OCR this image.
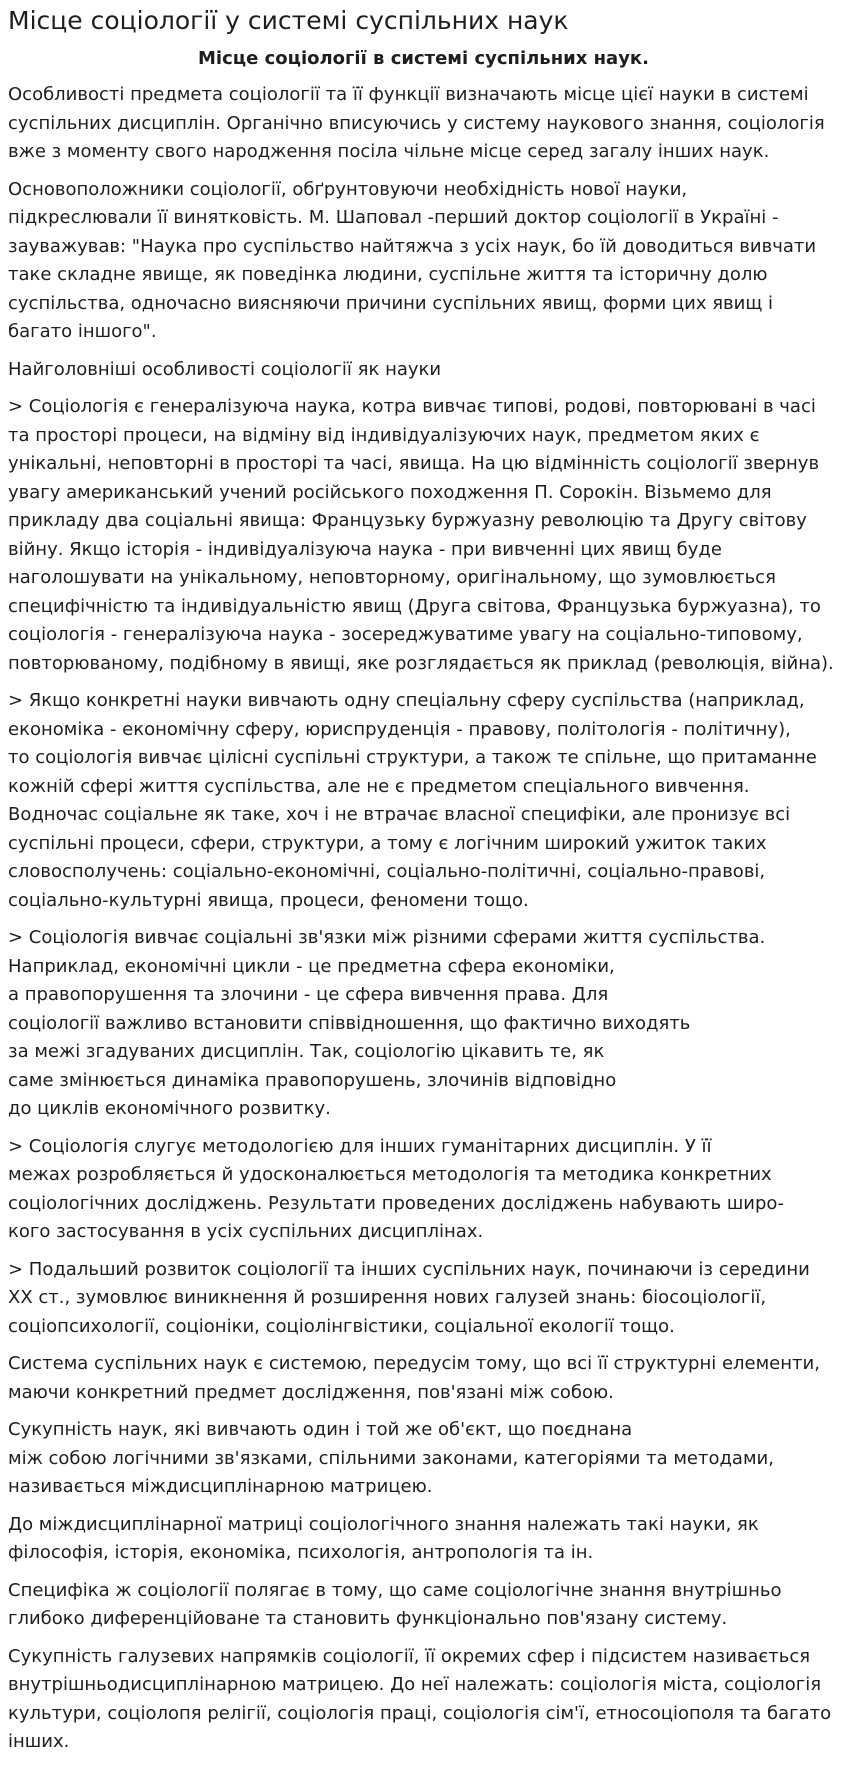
Місце соціології у системі суспільних наук
Місце соціології в системі суспільних наук.

Особливості предмета соціології та її функції визначають місце цієї науки в системі
суспільних дисциплін. Органічно вписуючись у систему наукового знання, соціологія
вже з моменту свого народження посіла чільне місце серед загалу інших наук.

Основоположники соціології, обґрунтовуючи необхідність нової науки,
підкреслювали її винятковість. М. Шаповал -перший доктор соціології в Україні -
зауважував: "Наука про суспільство найтяжча з усіх наук, бо їй доводиться вивчати
таке складне явище, як поведінка людини, суспільне життя та історичну долю
суспільства, одночасно виясняючи причини суспільних явищ, форми цих явищ і
багато іншого".

Найголовніші особливості соціології як науки

> Соціологія є генералізуюча наука, котра вивчає типові, родові, повторювані в часі
та просторі процеси, на відміну від індивідуалізуючих наук, предметом яких є
унікальні, неповторні в просторі та часі, явища. На цю відмінність соціології звернув
увагу американський учений російського походження П. Сорокін. Візьмемо для
прикладу два соціальні явища: Французьку буржуазну революцію та Другу світову
війну. Якщо історія - індивідуалізуюча наука - при вивченні цих явищ буде
наголошувати на унікальному, неповторному, оригінальному, що зумовлюється
специфічністю та індивідуальністю явищ (Друга світова, Французька буржуазна), то
соціологія - генералізуюча наука - зосереджуватиме увагу на соціально-типовому,
повторюваному, подібному в явищі, яке розглядається як приклад (революція, війна).

> Якщо конкретні науки вивчають одну спеціальну сферу суспільства (наприклад,
економіка - економічну сферу, юриспруденція - правову, політологія - політичну),
то соціологія вивчає цілісні суспільні структури, а також те спільне, що притаманне
кожній сфері життя суспільства, але не є предметом спеціального вивчення.
Водночас соціальне як таке, хоч і не втрачає власної специфіки, але пронизує всі
суспільні процеси, сфери, структури, а тому є логічним широкий ужиток таких
словосполучень: соціально-економічні, соціально-політичні, соціально-правові,
соціально-культурні явища, процеси, феномени тощо.

> Соціологія вивчає соціальні зв'язки між різними сферами життя суспільства.
Наприклад, економічні цикли - це предметна сфера економіки,
а правопорушення та злочини - це сфера вивчення права. Для
соціології важливо встановити співвідношення, що фактично виходять
за межі згадуваних дисциплін. Так, соціологію цікавить те, як
саме змінюється динаміка правопорушень, злочинів відповідно
до циклів економічного розвитку.

> Соціологія слугує методологією для інших гуманітарних дисциплін. У її
межах розробляється й удосконалюється методологія та методика конкретних
соціологічних досліджень. Результати проведених досліджень набувають широ-
кого застосування в усіх суспільних дисциплінах.

> Подальший розвиток соціології та інших суспільних наук, починаючи із середини
XX ст., зумовлює виникнення й розширення нових галузей знань: біосоціології,
соціопсихології, соціоніки, соціолінгвістики, соціальної екології тощо.

Система суспільних наук є системою, передусім тому, що всі її структурні елементи,
маючи конкретний предмет дослідження, пов'язані між собою.

Сукупність наук, які вивчають один і той же об'єкт, що поєднана
між собою логічними зв'язками, спільними законами, категоріями та методами,
називається міждисциплінарною матрицею.

До міждисциплінарної матриці соціологічного знання належать такі науки, як
філософія, історія, економіка, психологія, антропологія та ін.

Специфіка ж соціології полягає в тому, що саме соціологічне знання внутрішньо
глибоко диференційоване та становить функціонально пов'язану систему.

Сукупність галузевих напрямків соціології, її окремих сфер і підсистем називається
внутрішньодисциплінарною матрицею. До неї належать: соціологія міста, соціологія
культури, соціолопя релігії, соціологія праці, соціологія сім'ї, етносоціополя та багато
інших.
